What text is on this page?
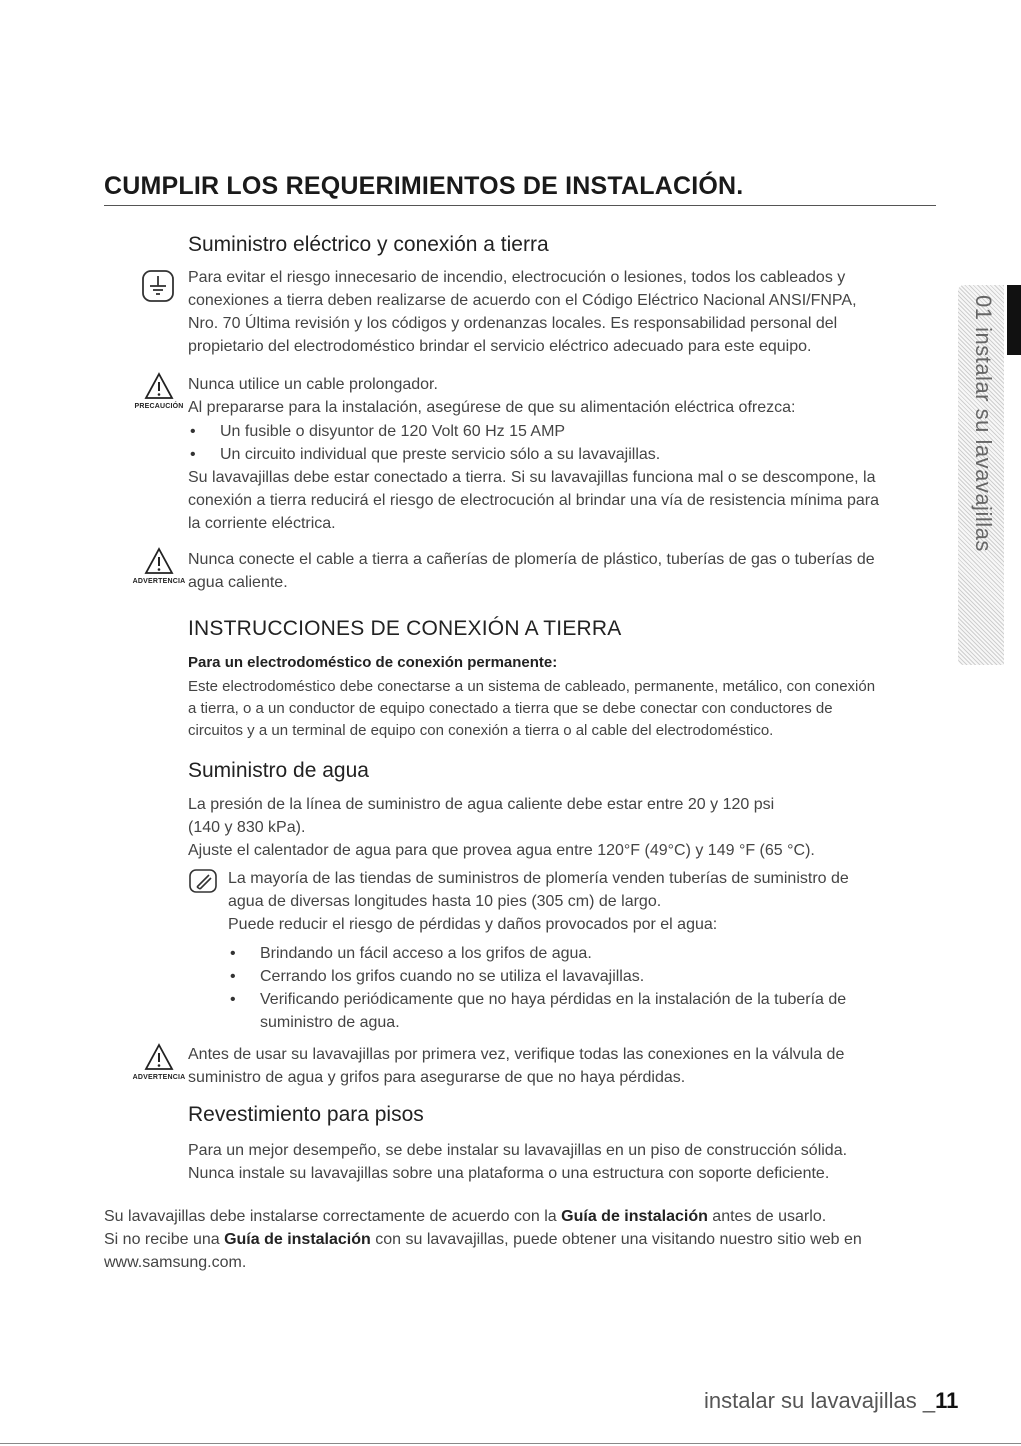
CUMPLIR LOS REQUERIMIENTOS DE INSTALACIÓN.
01 instalar su lavavajillas
Suministro eléctrico y conexión a tierra
Para evitar el riesgo innecesario de incendio, electrocución o lesiones, todos los cableados y
conexiones a tierra deben realizarse de acuerdo con el Código Eléctrico Nacional ANSI/FNPA,
Nro. 70 Última revisión y los códigos y ordenanzas locales. Es responsabilidad personal del
propietario del electrodoméstico brindar el servicio eléctrico adecuado para este equipo.
PRECAUCIÓN
Nunca utilice un cable prolongador.
Al prepararse para la instalación, asegúrese de que su alimentación eléctrica ofrezca:
• Un fusible o disyuntor de 120 Volt 60 Hz 15 AMP
• Un circuito individual que preste servicio sólo a su lavavajillas.
Su lavavajillas debe estar conectado a tierra. Si su lavavajillas funciona mal o se descompone, la
conexión a tierra reducirá el riesgo de electrocución al brindar una vía de resistencia mínima para
la corriente eléctrica.
ADVERTENCIA
Nunca conecte el cable a tierra a cañerías de plomería de plástico, tuberías de gas o tuberías de
agua caliente.
INSTRUCCIONES DE CONEXIÓN A TIERRA
Para un electrodoméstico de conexión permanente:
Este electrodoméstico debe conectarse a un sistema de cableado, permanente, metálico, con conexión
a tierra, o a un conductor de equipo conectado a tierra que se debe conectar con conductores de
circuitos y a un terminal de equipo con conexión a tierra o al cable del electrodoméstico.
Suministro de agua
La presión de la línea de suministro de agua caliente debe estar entre 20 y 120 psi
(140 y 830 kPa).
Ajuste el calentador de agua para que provea agua entre 120°F (49°C) y 149 °F (65 °C).
La mayoría de las tiendas de suministros de plomería venden tuberías de suministro de
agua de diversas longitudes hasta 10 pies (305 cm) de largo.
Puede reducir el riesgo de pérdidas y daños provocados por el agua:
• Brindando un fácil acceso a los grifos de agua.
• Cerrando los grifos cuando no se utiliza el lavavajillas.
• Verificando periódicamente que no haya pérdidas en la instalación de la tubería de
suministro de agua.
ADVERTENCIA
Antes de usar su lavavajillas por primera vez, verifique todas las conexiones en la válvula de
suministro de agua y grifos para asegurarse de que no haya pérdidas.
Revestimiento para pisos
Para un mejor desempeño, se debe instalar su lavavajillas en un piso de construcción sólida.
Nunca instale su lavavajillas sobre una plataforma o una estructura con soporte deficiente.
Su lavavajillas debe instalarse correctamente de acuerdo con la Guía de instalación antes de usarlo.
Si no recibe una Guía de instalación con su lavavajillas, puede obtener una visitando nuestro sitio web en
www.samsung.com.
instalar su lavavajillas _11
